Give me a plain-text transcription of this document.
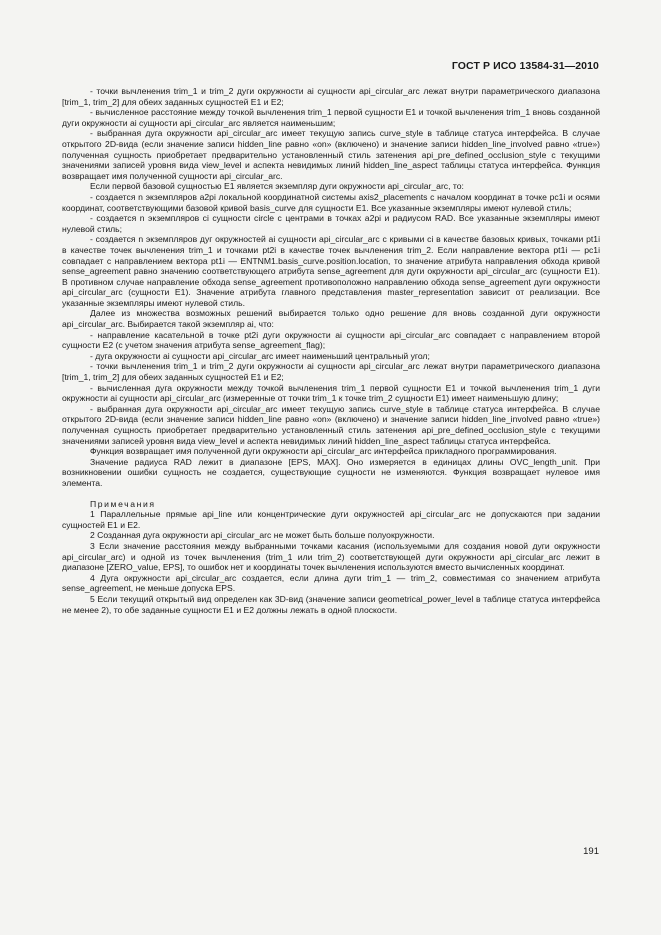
ГОСТ Р ИСО 13584-31—2010

- точки вычленения trim_1 и trim_2 дуги окружности ai сущности api_circular_arc лежат внутри параметрического диапазона [trim_1, trim_2] для обеих заданных сущностей E1 и E2;

- вычисленное расстояние между точкой вычленения trim_1 первой сущности E1 и точкой вычленения trim_1 вновь созданной дуги окружности ai сущности api_circular_arc является наименьшим;

- выбранная дуга окружности api_circular_arc имеет текущую запись curve_style в таблице статуса интерфейса. В случае открытого 2D-вида (если значение записи hidden_line равно «on» (включено) и значение записи hidden_line_involved равно «true») полученная сущность приобретает предварительно установленный стиль затенения api_pre_defined_occlusion_style с текущими значениями записей уровня вида view_level и аспекта невидимых линий hidden_line_aspect таблицы статуса интерфейса. Функция возвращает имя полученной сущности api_circular_arc.

Если первой базовой сущностью E1 является экземпляр дуги окружности api_circular_arc, то:

- создается n экземпляров a2pi локальной координатной системы axis2_placements с началом координат в точке pc1i и осями координат, соответствующими базовой кривой basis_curve для сущности E1. Все указанные экземпляры имеют нулевой стиль;

- создается n экземпляров ci сущности circle с центрами в точках a2pi и радиусом RAD. Все указанные экземпляры имеют нулевой стиль;

- создается n экземпляров дуг окружностей ai сущности api_circular_arc с кривыми ci в качестве базовых кривых, точками pt1i в качестве точек вычленения trim_1 и точками pt2i в качестве точек вычленения trim_2. Если направление вектора pt1i — pc1i совпадает с направлением вектора pt1i — ENTNM1.basis_curve.position.location, то значение атрибута направления обхода кривой sense_agreement равно значению соответствующего атрибута sense_agreement для дуги окружности api_circular_arc (сущности E1). В противном случае направление обхода sense_agreement противоположно направлению обхода sense_agreement дуги окружности api_circular_arc (сущности E1). Значение атрибута главного представления master_representation зависит от реализации. Все указанные экземпляры имеют нулевой стиль.

Далее из множества возможных решений выбирается только одно решение для вновь созданной дуги окружности api_circular_arc. Выбирается такой экземпляр ai, что:

- направление касательной в точке pt2i дуги окружности ai сущности api_circular_arc совпадает с направлением второй сущности E2 (с учетом значения атрибута sense_agreement_flag);

- дуга окружности ai сущности api_circular_arc имеет наименьший центральный угол;

- точки вычленения trim_1 и trim_2 дуги окружности ai сущности api_circular_arc лежат внутри параметрического диапазона [trim_1, trim_2] для обеих заданных сущностей E1 и E2;

- вычисленная дуга окружности между точкой вычленения trim_1 первой сущности E1 и точкой вычленения trim_1 дуги окружности ai сущности api_circular_arc (измеренные от точки trim_1 к точке trim_2 сущности E1) имеет наименьшую длину;

- выбранная дуга окружности api_circular_arc имеет текущую запись curve_style в таблице статуса интерфейса. В случае открытого 2D-вида (если значение записи hidden_line равно «on» (включено) и значение записи hidden_line_involved равно «true») полученная сущность приобретает предварительно установленный стиль затенения api_pre_defined_occlusion_style с текущими значениями записей уровня вида view_level и аспекта невидимых линий hidden_line_aspect таблицы статуса интерфейса.

Функция возвращает имя полученной дуги окружности api_circular_arc интерфейса прикладного программирования.

Значение радиуса RAD лежит в диапазоне [EPS, MAX]. Оно измеряется в единицах длины OVC_length_unit. При возникновении ошибки сущность не создается, существующие сущности не изменяются. Функция возвращает нулевое имя элемента.

Примечания

1 Параллельные прямые api_line или концентрические дуги окружностей api_circular_arc не допускаются при задании сущностей E1 и E2.

2 Созданная дуга окружности api_circular_arc не может быть больше полуокружности.

3 Если значение расстояния между выбранными точками касания (используемыми для создания новой дуги окружности api_circular_arc) и одной из точек вычленения (trim_1 или trim_2) соответствующей дуги окружности api_circular_arc лежит в диапазоне [ZERO_value, EPS], то ошибок нет и координаты точек вычленения используются вместо вычисленных координат.

4 Дуга окружности api_circular_arc создается, если длина дуги trim_1 — trim_2, совместимая со значением атрибута sense_agreement, не меньше допуска EPS.

5 Если текущий открытый вид определен как 3D-вид (значение записи geometrical_power_level в таблице статуса интерфейса не менее 2), то обе заданные сущности E1 и E2 должны лежать в одной плоскости.

191
